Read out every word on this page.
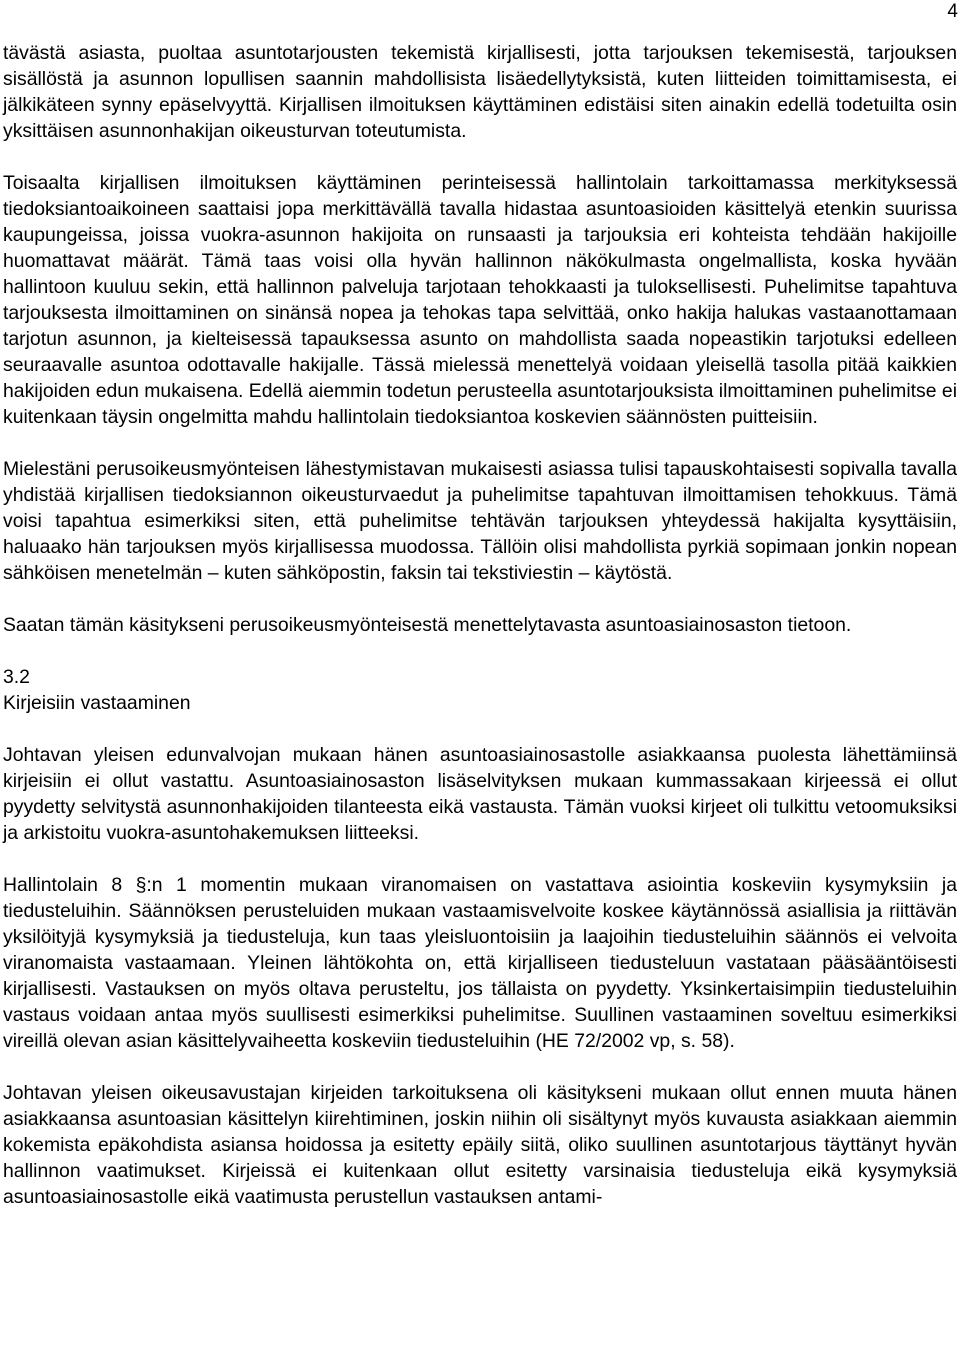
4

tävästä asiasta, puoltaa asuntotarjousten tekemistä kirjallisesti, jotta tarjouksen tekemisestä, tarjouksen sisällöstä ja asunnon lopullisen saannin mahdollisista lisäedellytyksistä, kuten liitteiden toimittamisesta, ei jälkikäteen synny epäselvyyttä. Kirjallisen ilmoituksen käyttäminen edistäisi siten ainakin edellä todetuilta osin yksittäisen asunnonhakijan oikeusturvan toteutumista.

Toisaalta kirjallisen ilmoituksen käyttäminen perinteisessä hallintolain tarkoittamassa merkityksessä tiedoksiantoaikoineen saattaisi jopa merkittävällä tavalla hidastaa asuntoasioiden käsittelyä etenkin suurissa kaupungeissa, joissa vuokra-asunnon hakijoita on runsaasti ja tarjouksia eri kohteista tehdään hakijoille huomattavat määrät. Tämä taas voisi olla hyvän hallinnon näkökulmasta ongelmallista, koska hyvään hallintoon kuuluu sekin, että hallinnon palveluja tarjotaan tehokkaasti ja tuloksellisesti. Puhelimitse tapahtuva tarjouksesta ilmoittaminen on sinänsä nopea ja tehokas tapa selvittää, onko hakija halukas vastaanottamaan tarjotun asunnon, ja kielteisessä tapauksessa asunto on mahdollista saada nopeastikin tarjotuksi edelleen seuraavalle asuntoa odottavalle hakijalle. Tässä mielessä menettelyä voidaan yleisellä tasolla pitää kaikkien hakijoiden edun mukaisena. Edellä aiemmin todetun perusteella asuntotarjouksista ilmoittaminen puhelimitse ei kuitenkaan täysin ongelmitta mahdu hallintolain tiedoksiantoa koskevien säännösten puitteisiin.

Mielestäni perusoikeusmyönteisen lähestymistavan mukaisesti asiassa tulisi tapauskohtaisesti sopivalla tavalla yhdistää kirjallisen tiedoksiannon oikeusturvaedut ja puhelimitse tapahtuvan ilmoittamisen tehokkuus. Tämä voisi tapahtua esimerkiksi siten, että puhelimitse tehtävän tarjouksen yhteydessä hakijalta kysyttäisiin, haluaako hän tarjouksen myös kirjallisessa muodossa. Tällöin olisi mahdollista pyrkiä sopimaan jonkin nopean sähköisen menetelmän – kuten sähköpostin, faksin tai tekstiviestin – käytöstä.

Saatan tämän käsitykseni perusoikeusmyönteisestä menettelytavasta asuntoasiainosaston tietoon.

3.2

Kirjeisiin vastaaminen

Johtavan yleisen edunvalvojan mukaan hänen asuntoasiainosastolle asiakkaansa puolesta lähettämiinsä kirjeisiin ei ollut vastattu. Asuntoasiainosaston lisäselvityksen mukaan kummassakaan kirjeessä ei ollut pyydetty selvitystä asunnonhakijoiden tilanteesta eikä vastausta. Tämän vuoksi kirjeet oli tulkittu vetoomuksiksi ja arkistoitu vuokra-asuntohakemuksen liitteeksi.

Hallintolain 8 §:n 1 momentin mukaan viranomaisen on vastattava asiointia koskeviin kysymyksiin ja tiedusteluihin. Säännöksen perusteluiden mukaan vastaamisvelvoite koskee käytännössä asiallisia ja riittävän yksilöityjä kysymyksiä ja tiedusteluja, kun taas yleisluontoisiin ja laajoihin tiedusteluihin säännös ei velvoita viranomaista vastaamaan. Yleinen lähtökohta on, että kirjalliseen tiedusteluun vastataan pääsääntöisesti kirjallisesti. Vastauksen on myös oltava perusteltu, jos tällaista on pyydetty. Yksinkertaisimpiin tiedusteluihin vastaus voidaan antaa myös suullisesti esimerkiksi puhelimitse. Suullinen vastaaminen soveltuu esimerkiksi vireillä olevan asian käsittelyvaiheetta koskeviin tiedusteluihin (HE 72/2002 vp, s. 58).

Johtavan yleisen oikeusavustajan kirjeiden tarkoituksena oli käsitykseni mukaan ollut ennen muuta hänen asiakkaansa asuntoasian käsittelyn kiirehtiminen, joskin niihin oli sisältynyt myös kuvausta asiakkaan aiemmin kokemista epäkohdista asiansa hoidossa ja esitetty epäily siitä, oliko suullinen asuntotarjous täyttänyt hyvän hallinnon vaatimukset. Kirjeissä ei kuitenkaan ollut esitetty varsinaisia tiedusteluja eikä kysymyksiä asuntoasiainosastolle eikä vaatimusta perustellun vastauksen antami-
